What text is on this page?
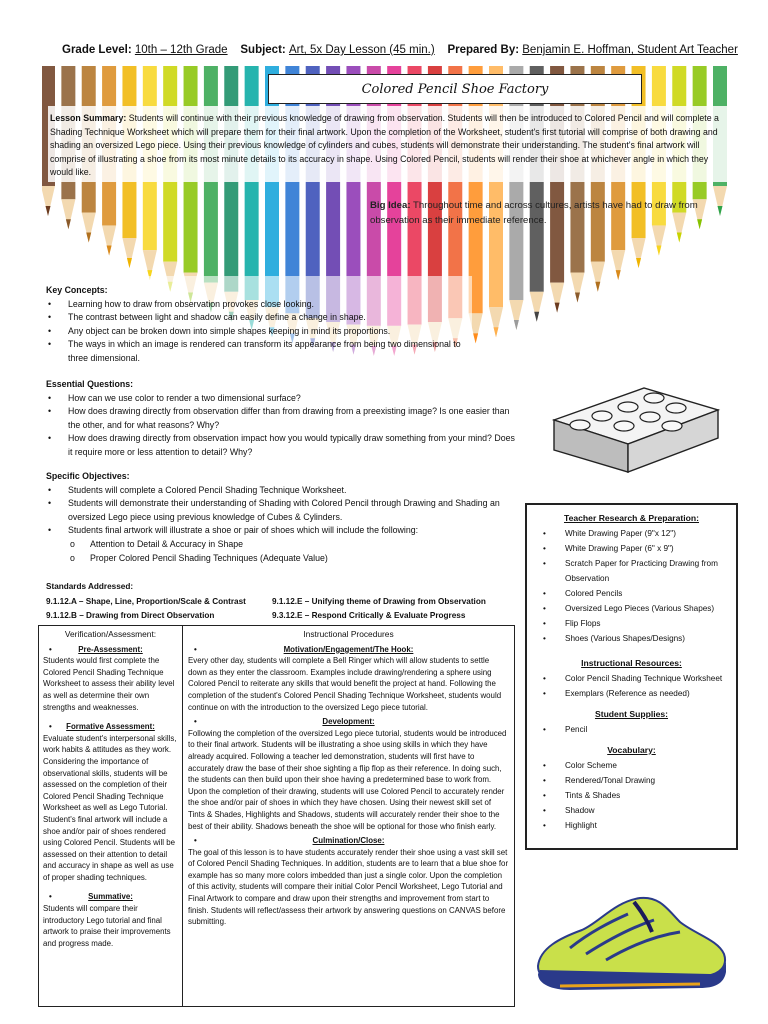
Grade Level: 10th – 12th Grade Subject: Art, 5x Day Lesson (45 min.) Prepared By: Benjamin E. Hoffman, Student Art Teacher
Colored Pencil Shoe Factory
Lesson Summary: Students will continue with their previous knowledge of drawing from observation. Students will then be introduced to Colored Pencil and will complete a Shading Technique Worksheet which will prepare them for their final artwork. Upon the completion of the Worksheet, student's first tutorial will comprise of both drawing and shading an oversized Lego piece. Using their previous knowledge of cylinders and cubes, students will demonstrate their understanding. The student's final artwork will comprise of illustrating a shoe from its most minute details to its accuracy in shape. Using Colored Pencil, students will render their shoe at whichever angle in which they would like.
Big Idea: Throughout time and across cultures, artists have had to draw from observation as their immediate reference.
Key Concepts:
• Learning how to draw from observation provokes close looking.
• The contrast between light and shadow can easily define a change in shape.
• Any object can be broken down into simple shapes keeping in mind its proportions.
• The ways in which an image is rendered can transform its appearance from being two dimensional to three dimensional.
Essential Questions:
• How can we use color to render a two dimensional surface?
• How does drawing directly from observation differ than from drawing from a preexisting image? Is one easier than the other, and for what reasons? Why?
• How does drawing directly from observation impact how you would typically draw something from your mind? Does it require more or less attention to detail? Why?
Specific Objectives:
• Students will complete a Colored Pencil Shading Technique Worksheet.
• Students will demonstrate their understanding of Shading with Colored Pencil through Drawing and Shading an oversized Lego piece using previous knowledge of Cubes & Cylinders.
• Students final artwork will illustrate a shoe or pair of shoes which will include the following:
o Attention to Detail & Accuracy in Shape
o Proper Colored Pencil Shading Techniques (Adequate Value)
Standards Addressed:
9.1.12.A – Shape, Line, Proportion/Scale & Contrast	9.1.12.E – Unifying theme of Drawing from Observation
9.1.12.B – Drawing from Direct Observation	9.3.12.E – Respond Critically & Evaluate Progress
Teacher Research & Preparation:
• White Drawing Paper (9"x 12")
• White Drawing Paper (6" x 9")
• Scratch Paper for Practicing Drawing from Observation
• Colored Pencils
• Oversized Lego Pieces (Various Shapes)
• Flip Flops
• Shoes (Various Shapes/Designs)
Instructional Resources:
• Color Pencil Shading Technique Worksheet
• Exemplars (Reference as needed)
Student Supplies:
• Pencil
Vocabulary:
• Color Scheme
• Rendered/Tonal Drawing
• Tints & Shades
• Shadow
• Highlight
Verification/Assessment:
• Pre-Assessment:

Students would first complete the Colored Pencil Shading Technique Worksheet to assess their ability level as well as determine their own strengths and weaknesses.

• Formative Assessment:

Evaluate student's interpersonal skills, work habits & attitudes as they work. Considering the importance of observational skills, students will be assessed on the completion of their Colored Pencil Shading Technique Worksheet as well as Lego Tutorial. Student's final artwork will include a shoe and/or pair of shoes rendered using Colored Pencil. Students will be assessed on their attention to detail and accuracy in shape as well as use of proper shading techniques.

• Summative:

Students will compare their introductory Lego tutorial and final artwork to praise their improvements and progress made.

Instructional Procedures
• Motivation/Engagement/The Hook:

Every other day, students will complete a Bell Ringer which will allow students to settle down as they enter the classroom. Examples include drawing/rendering a sphere using Colored Pencil to reiterate any skills that would benefit the project at hand. Following the completion of the student's Colored Pencil Shading Technique Worksheet, students would continue on with the introduction to the oversized Lego piece tutorial.

• Development:

Following the completion of the oversized Lego piece tutorial, students would be introduced to their final artwork. Students will be illustrating a shoe using skills in which they have already acquired. Following a teacher led demonstration, students will first have to accurately draw the base of their shoe sighting a flip flop as their reference. In doing such, the students can then build upon their shoe having a predetermined base to work from. Upon the completion of their drawing, students will use Colored Pencil to accurately render the shoe and/or pair of shoes in which they have chosen. Using their newest skill set of Tints & Shades, Highlights and Shadows, students will accurately render their shoe to the best of their ability. Shadows beneath the shoe will be optional for those who finish early.

• Culmination/Close:

The goal of this lesson is to have students accurately render their shoe using a vast skill set of Colored Pencil Shading Techniques. In addition, students are to learn that a blue shoe for example has so many more colors imbedded than just a single color. Upon the completion of this activity, students will compare their initial Color Pencil Worksheet, Lego Tutorial and Final Artwork to compare and draw upon their strengths and improvement from start to finish. Students will reflect/assess their artwork by answering questions on CANVAS before submitting.
